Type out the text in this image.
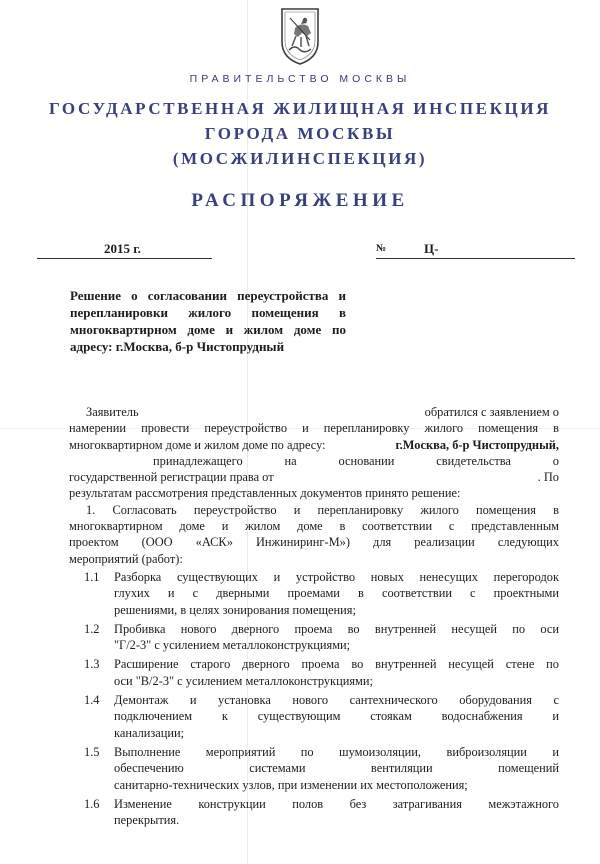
ПРАВИТЕЛЬСТВО МОСКВЫ
ГОСУДАРСТВЕННАЯ ЖИЛИЩНАЯ ИНСПЕКЦИЯ
ГОРОДА МОСКВЫ
(МОСЖИЛИНСПЕКЦИЯ)
РАСПОРЯЖЕНИЕ
2015 г.	№	Ц-
Решение о согласовании переустройства и перепланировки жилого помещения в многоквартирном доме и жилом доме по адресу: г.Москва, б-р Чистопрудный
Заявитель	обратился с заявлением о
намерении провести переустройство и перепланировку жилого помещения в
многоквартирном доме и жилом доме по адресу:	г.Москва, б-р Чистопрудный,
принадлежащего на основании свидетельства о
государственной регистрации права от	. По
результатам рассмотрения представленных документов принято решение:
1. Согласовать переустройство и перепланировку жилого помещения в
многоквартирном доме и жилом доме в соответствии с представленным
проектом (ООО «АСК» Инжиниринг-М») для реализации следующих
мероприятий (работ):
1.1	Разборка существующих и устройство новых ненесущих перегородок
глухих и с дверными проемами в соответствии с проектными
решениями, в целях зонирования помещения;
1.2	Пробивка нового дверного проема во внутренней несущей по оси
"Г/2-3" с усилением металлоконструкциями;
1.3	Расширение старого дверного проема во внутренней несущей стене по
оси "В/2-3" с усилением металлоконструкциями;
1.4	Демонтаж и установка нового сантехнического оборудования с
подключением к существующим стоякам водоснабжения и
канализации;
1.5	Выполнение мероприятий по шумоизоляции, виброизоляции и
обеспечению системами вентиляции помещений
санитарно-технических узлов, при изменении их местоположения;
1.6	Изменение конструкции полов без затрагивания межэтажного
перекрытия.
